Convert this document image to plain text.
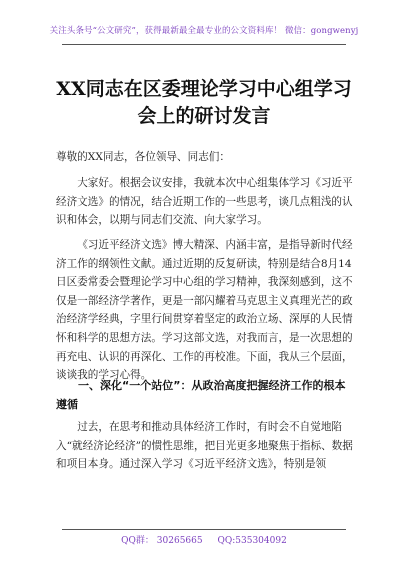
关注头条号“公文研究”，获得最新最全最专业的公文资料库！ 微信：gongwenyj
XX同志在区委理论学习中心组学习会上的研讨发言
尊敬的XX同志，各位领导、同志们：
大家好。根据会议安排，我就本次中心组集体学习《习近平经济文选》的情况，结合近期工作的一些思考，谈几点粗浅的认识和体会，以期与同志们交流、向大家学习。
《习近平经济文选》博大精深、内涵丰富，是指导新时代经济工作的纲领性文献。通过近期的反复研读，特别是结合8月14日区委常委会暨理论学习中心组的学习精神，我深刻感到，这不仅是一部经济学著作，更是一部闪耀着马克思主义真理光芒的政治经济学经典，字里行间贯穿着坚定的政治立场、深厚的人民情怀和科学的思想方法。学习这部文选，对我而言，是一次思想的再充电、认识的再深化、工作的再校准。下面，我从三个层面，谈谈我的学习心得。
一、深化“一个站位”：从政治高度把握经济工作的根本遵循
过去，在思考和推动具体经济工作时，有时会不自觉地陷入“就经济论经济”的惯性思维，把目光更多地聚焦于指标、数据和项目本身。通过深入学习《习近平经济文选》，特别是领
QQ群： 30265665 QQ:535304092
